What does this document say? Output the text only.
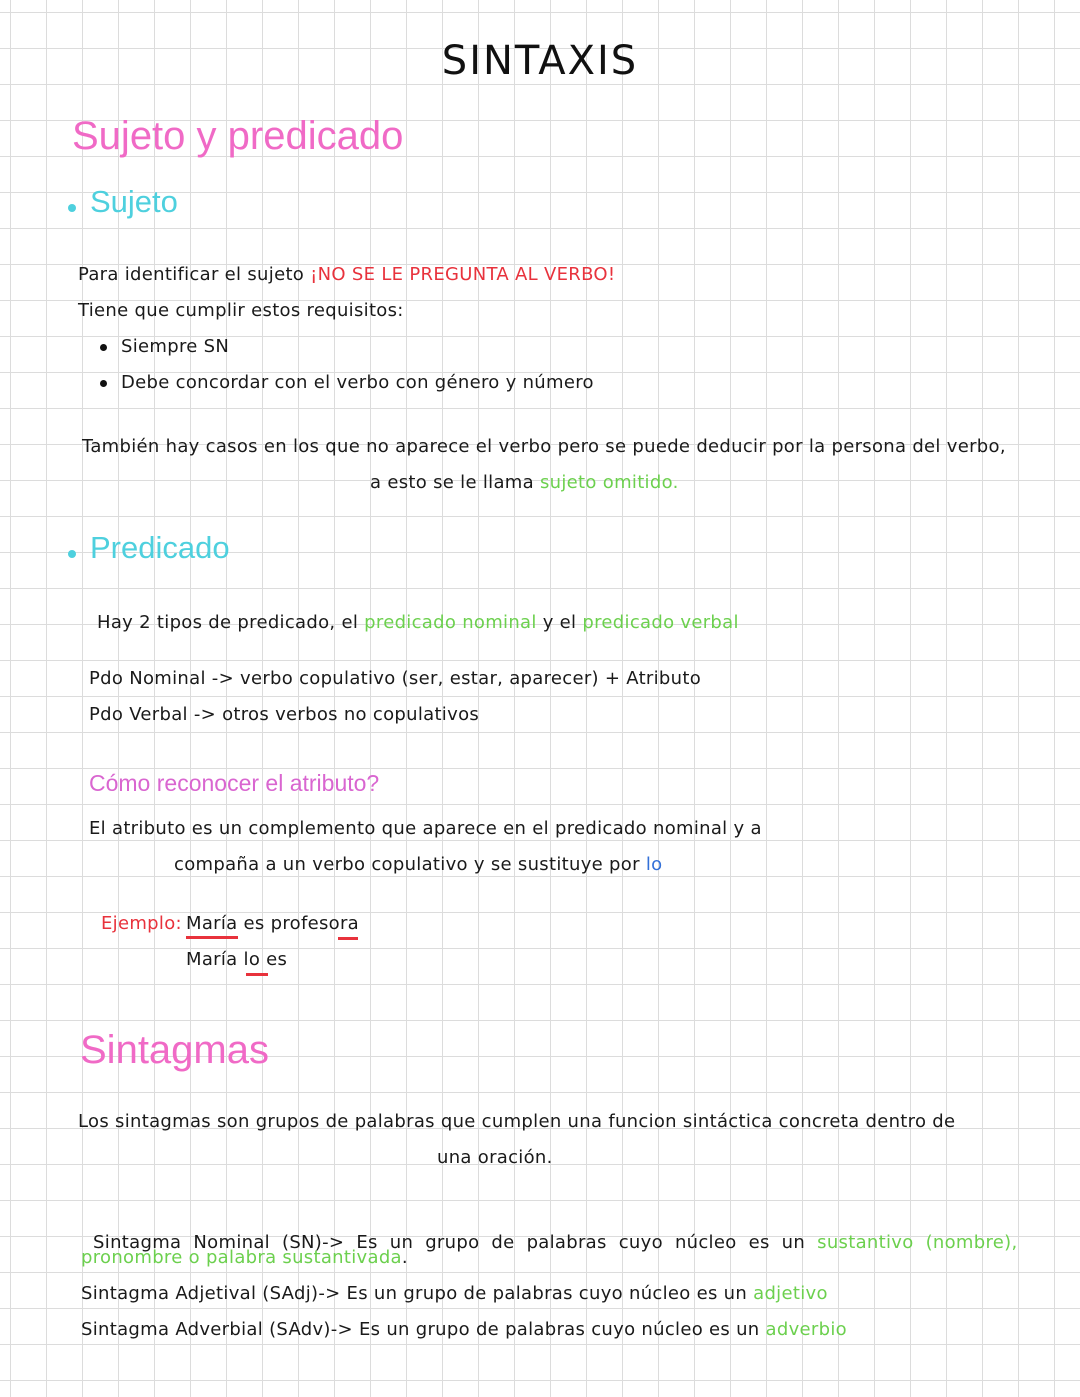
SINTAXIS
Sujeto y predicado
Sujeto
Para identificar el sujeto ¡NO SE LE PREGUNTA AL VERBO!
Tiene que cumplir estos requisitos:
Siempre SN
Debe concordar con el verbo con género y número
También hay casos en los que no aparece el verbo pero se puede deducir por la persona del verbo,
a esto se le llama sujeto omitido.
Predicado
Hay 2 tipos de predicado, el predicado nominal y el predicado verbal
Pdo Nominal -> verbo copulativo (ser, estar, aparecer) + Atributo
Pdo Verbal -> otros verbos no copulativos
Cómo reconocer el atributo?
El atributo es un complemento que aparece en el predicado nominal y a
compaña a un verbo copulativo y se sustituye por lo
Ejemplo: María es profesora
María lo es
Sintagmas
Los sintagmas son grupos de palabras que cumplen una funcion sintáctica concreta dentro de
una oración.

Sintagma  Nominal  (SN)->  Es  un  grupo  de  palabras  cuyo  núcleo  es  un  sustantivo  (nombre),

pronombre o palabra sustantivada.
Sintagma Adjetival (SAdj)-> Es un grupo de palabras cuyo núcleo es un adjetivo
Sintagma Adverbial (SAdv)-> Es un grupo de palabras cuyo núcleo es un adverbio
